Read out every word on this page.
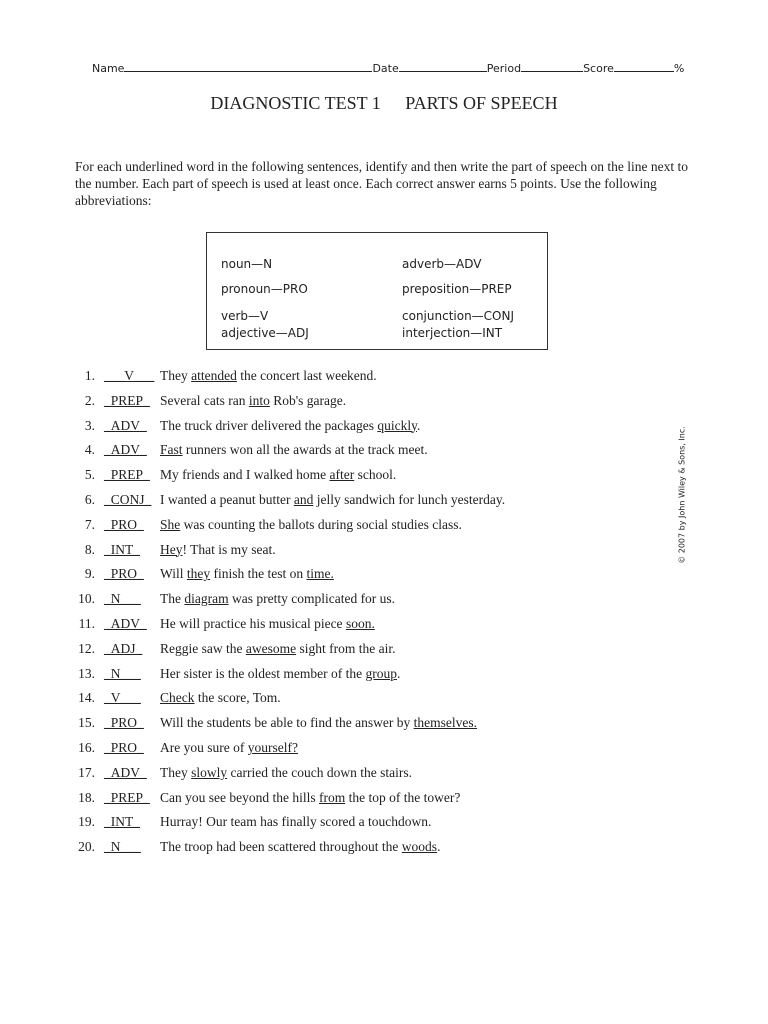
Name	Date	Period	Score	%
DIAGNOSTIC TEST 1 PARTS OF SPEECH
For each underlined word in the following sentences, identify and then write the part of speech on the line next to the number. Each part of speech is used at least once. Each correct answer earns 5 points. Use the following abbreviations:
noun—N	adverb—ADV
pronoun—PRO	preposition—PREP
verb—V	conjunction—CONJ
adjective—ADJ	interjection—INT
1. ___V___ They attended the concert last weekend.
2. _PREP_ Several cats ran into Rob's garage.
3. _ADV_ The truck driver delivered the packages quickly.
4. _ADV_ Fast runners won all the awards at the track meet.
5. _PREP_ My friends and I walked home after school.
6. _CONJ_ I wanted a peanut butter and jelly sandwich for lunch yesterday.
7. _PRO_ She was counting the ballots during social studies class.
8. _INT_ Hey! That is my seat.
9. _PRO_ Will they finish the test on time.
10. _N___ The diagram was pretty complicated for us.
11. _ADV_ He will practice his musical piece soon.
12. _ADJ_ Reggie saw the awesome sight from the air.
13. _N___ Her sister is the oldest member of the group.
14. _V___ Check the score, Tom.
15. _PRO_ Will the students be able to find the answer by themselves.
16. _PRO_ Are you sure of yourself?
17. _ADV_ They slowly carried the couch down the stairs.
18. _PREP_ Can you see beyond the hills from the top of the tower?
19. _INT_ Hurray! Our team has finally scored a touchdown.
20. _N___ The troop had been scattered throughout the woods.
© 2007 by John Wiley & Sons, Inc.
